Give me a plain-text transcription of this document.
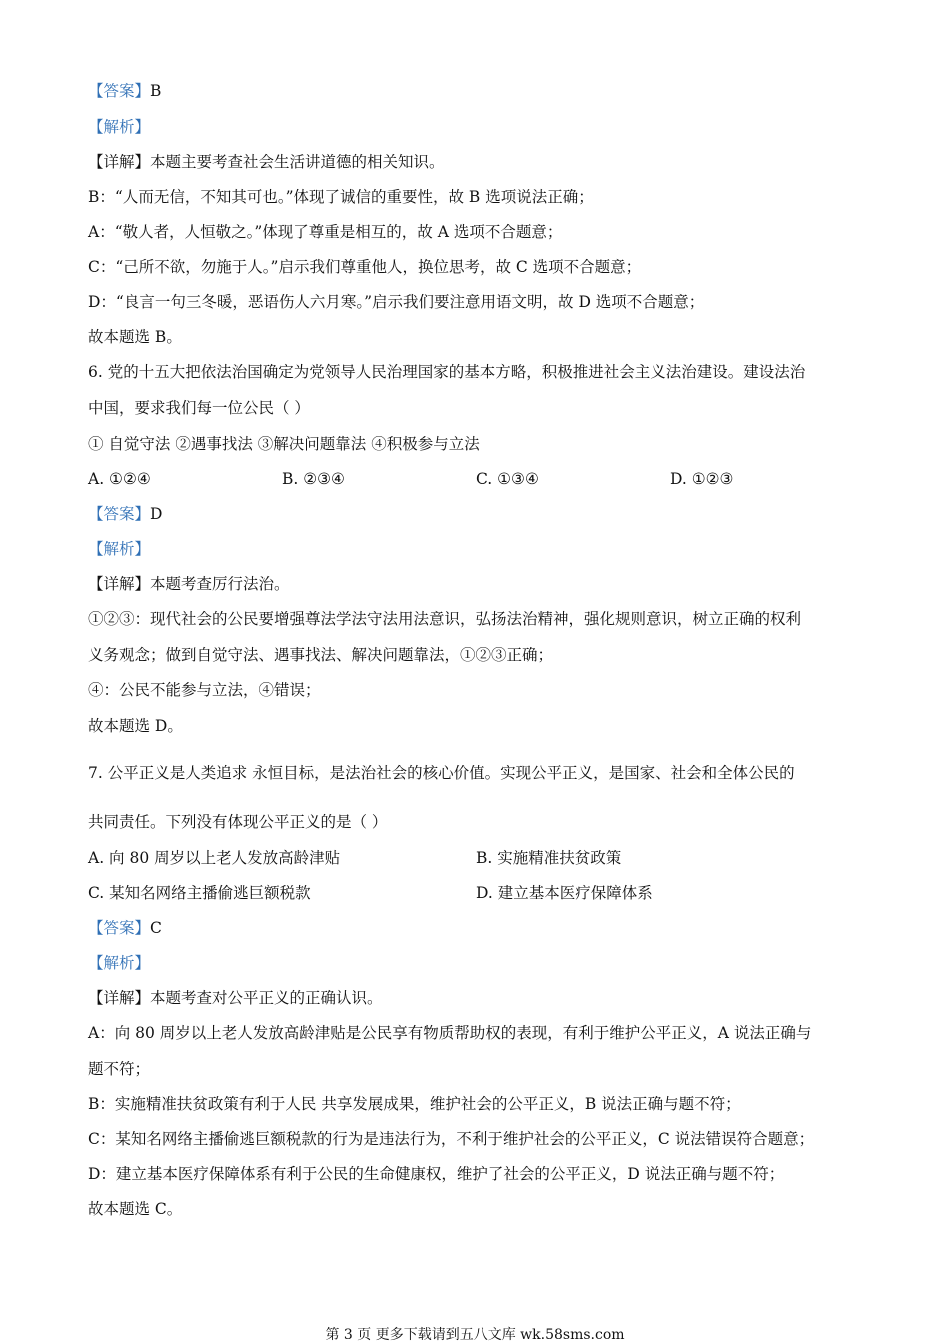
【答案】B
【解析】
【详解】本题主要考查社会生活讲道德的相关知识。
B：“人而无信，不知其可也。”体现了诚信的重要性，故 B 选项说法正确；
A：“敬人者，人恒敬之。”体现了尊重是相互的，故 A 选项不合题意；
C：“己所不欲，勿施于人。”启示我们尊重他人，换位思考，故 C 选项不合题意；
D：“良言一句三冬暖，恶语伤人六月寒。”启示我们要注意用语文明，故 D 选项不合题意；
故本题选 B。
6. 党的十五大把依法治国确定为党领导人民治理国家的基本方略，积极推进社会主义法治建设。建设法治
中国，要求我们每一位公民（ ）
① 自觉守法 ②遇事找法 ③解决问题靠法 ④积极参与立法
A. ①②④	B. ②③④	C. ①③④	D. ①②③
【答案】D
【解析】
【详解】本题考查厉行法治。
①②③：现代社会的公民要增强尊法学法守法用法意识，弘扬法治精神，强化规则意识，树立正确的权利
义务观念；做到自觉守法、遇事找法、解决问题靠法，①②③正确；
④：公民不能参与立法，④错误；
故本题选 D。
7. 公平正义是人类追求 永恒目标，是法治社会的核心价值。实现公平正义，是国家、社会和全体公民的
共同责任。下列没有体现公平正义的是（ ）
A. 向 80 周岁以上老人发放高龄津贴	B. 实施精准扶贫政策
C. 某知名网络主播偷逃巨额税款	D. 建立基本医疗保障体系
【答案】C
【解析】
【详解】本题考查对公平正义的正确认识。
A：向 80 周岁以上老人发放高龄津贴是公民享有物质帮助权的表现，有利于维护公平正义，A 说法正确与
题不符；
B：实施精准扶贫政策有利于人民 共享发展成果，维护社会的公平正义，B 说法正确与题不符；
C：某知名网络主播偷逃巨额税款的行为是违法行为，不利于维护社会的公平正义，C 说法错误符合题意；
D：建立基本医疗保障体系有利于公民的生命健康权，维护了社会的公平正义，D 说法正确与题不符；
故本题选 C。
第 3 页 更多下载请到五八文库 wk.58sms.com
